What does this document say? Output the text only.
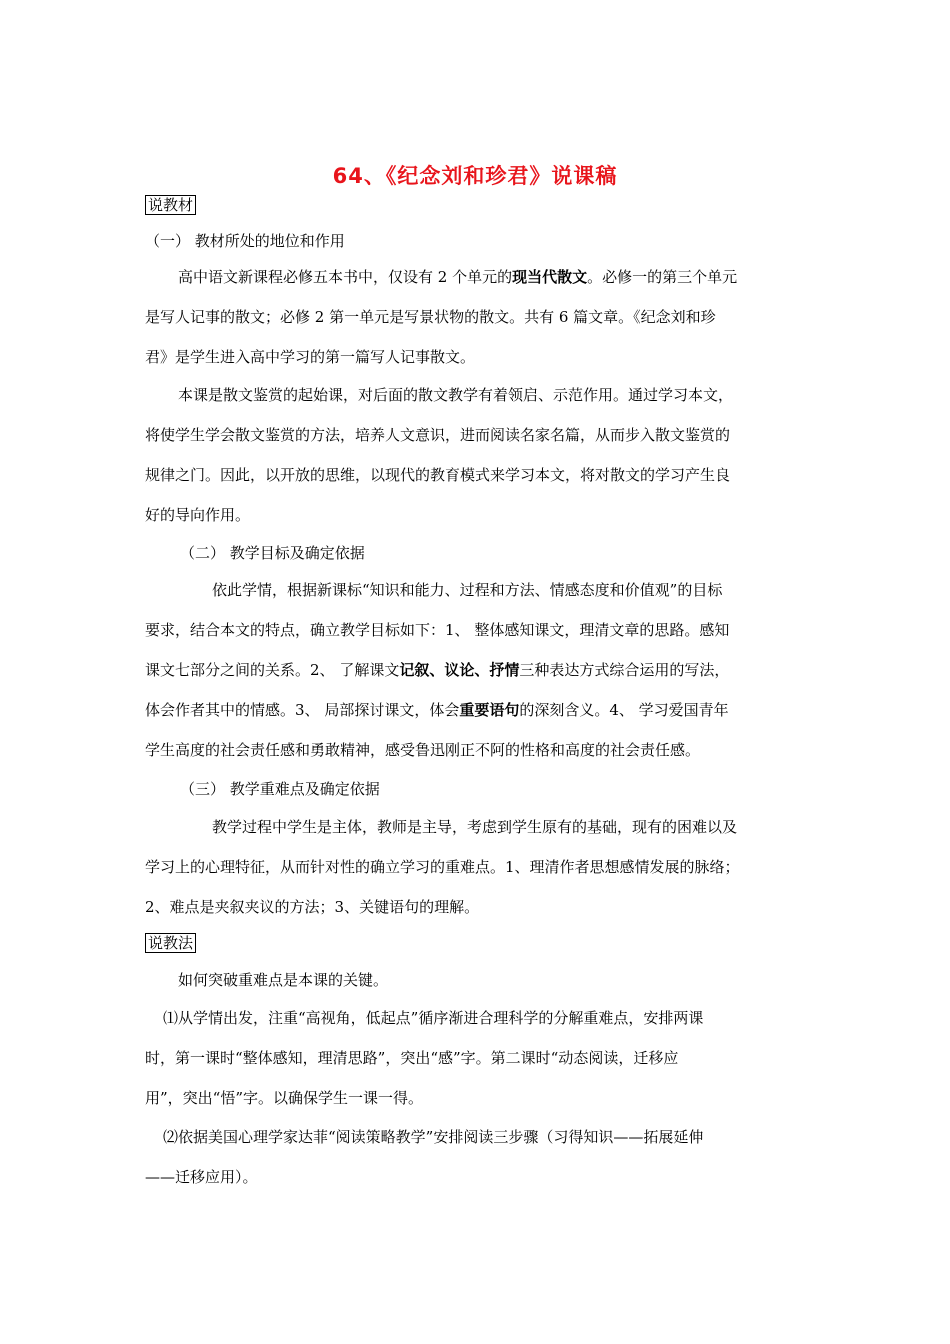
64、《纪念刘和珍君》说课稿
说教材
（一） 教材所处的地位和作用
高中语文新课程必修五本书中，仅设有 2 个单元的现当代散文。必修一的第三个单元
是写人记事的散文；必修 2 第一单元是写景状物的散文。共有 6 篇文章。《纪念刘和珍
君》是学生进入高中学习的第一篇写人记事散文。
本课是散文鉴赏的起始课，对后面的散文教学有着领启、示范作用。通过学习本文，
将使学生学会散文鉴赏的方法，培养人文意识，进而阅读名家名篇，从而步入散文鉴赏的
规律之门。因此，以开放的思维，以现代的教育模式来学习本文，将对散文的学习产生良
好的导向作用。
（二） 教学目标及确定依据
依此学情，根据新课标“知识和能力、过程和方法、情感态度和价值观”的目标
要求，结合本文的特点，确立教学目标如下：1、 整体感知课文，理清文章的思路。感知
课文七部分之间的关系。2、 了解课文记叙、议论、抒情三种表达方式综合运用的写法，
体会作者其中的情感。3、 局部探讨课文，体会重要语句的深刻含义。4、 学习爱国青年
学生高度的社会责任感和勇敢精神，感受鲁迅刚正不阿的性格和高度的社会责任感。
（三） 教学重难点及确定依据
教学过程中学生是主体，教师是主导，考虑到学生原有的基础，现有的困难以及
学习上的心理特征，从而针对性的确立学习的重难点。1、理清作者思想感情发展的脉络；
2、难点是夹叙夹议的方法；3、关键语句的理解。
说教法
如何突破重难点是本课的关键。
⑴从学情出发，注重“高视角，低起点”循序渐进合理科学的分解重难点，安排两课
时，第一课时“整体感知，理清思路”，突出“感”字。第二课时“动态阅读，迁移应
用”，突出“悟”字。以确保学生一课一得。
⑵依据美国心理学家达菲“阅读策略教学”安排阅读三步骤（习得知识——拓展延伸
——迁移应用）。
